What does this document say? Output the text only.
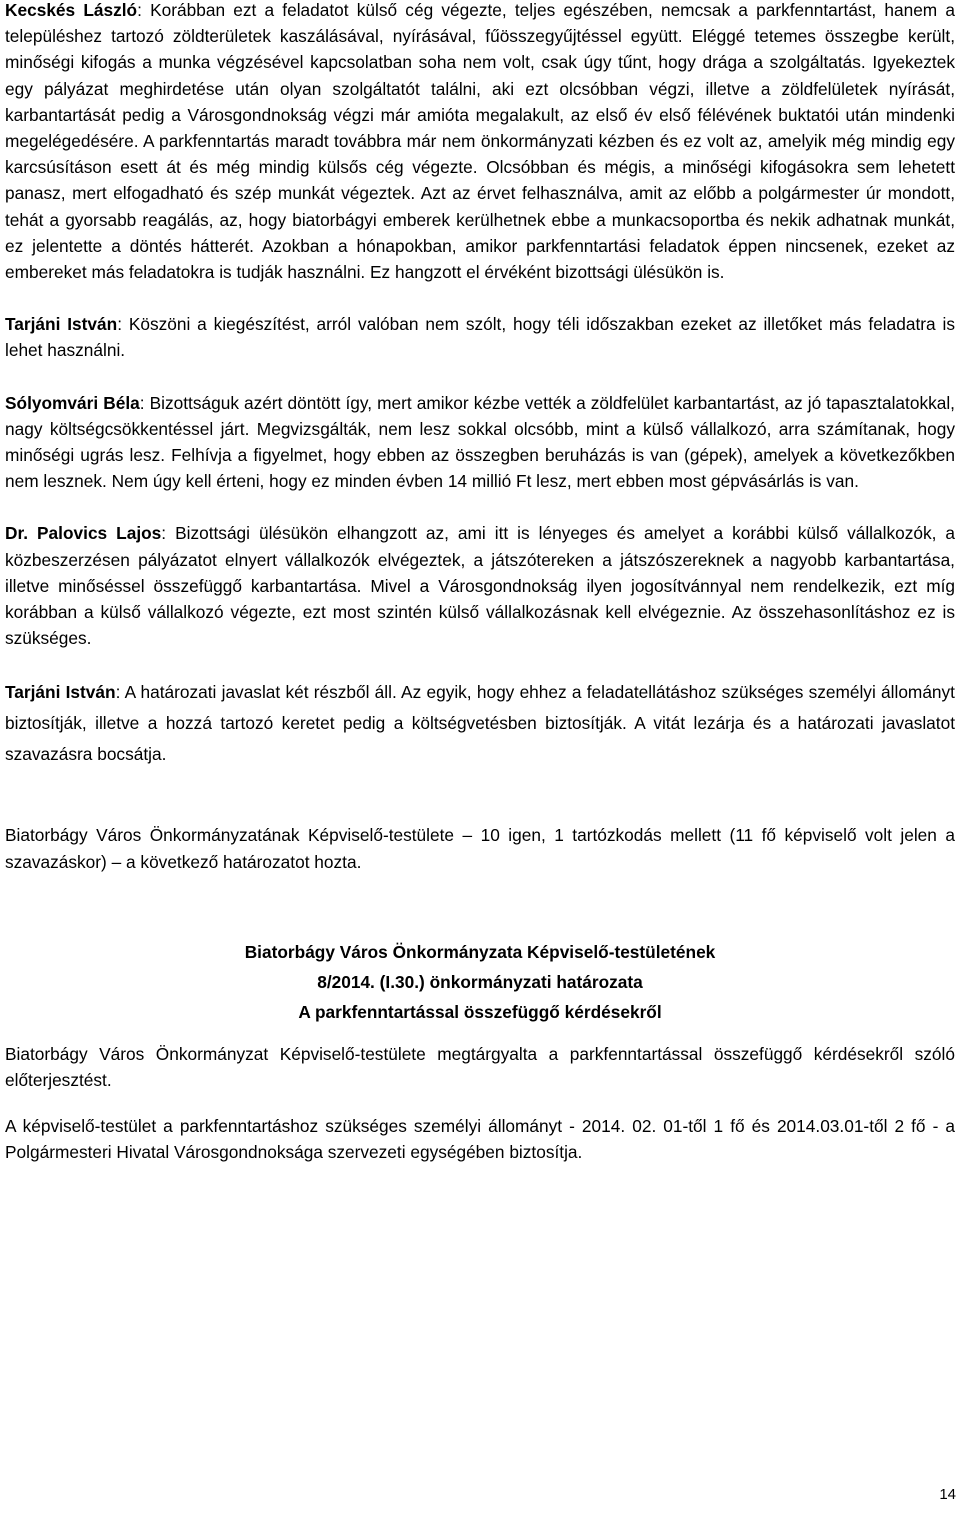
Kecskés László: Korábban ezt a feladatot külső cég végezte, teljes egészében, nemcsak a parkfenntartást, hanem a településhez tartozó zöldterületek kaszálásával, nyírásával, fűösszegyűjtéssel együtt. Eléggé tetemes összegbe került, minőségi kifogás a munka végzésével kapcsolatban soha nem volt, csak úgy tűnt, hogy drága a szolgáltatás. Igyekeztek egy pályázat meghirdetése után olyan szolgáltatót találni, aki ezt olcsóbban végzi, illetve a zöldfelületek nyírását, karbantartását pedig a Városgondnokság végzi már amióta megalakult, az első év első félévének buktatói után mindenki megelégedésére. A parkfenntartás maradt továbbra már nem önkormányzati kézben és ez volt az, amelyik még mindig egy karcsúsításon esett át és még mindig külsős cég végezte. Olcsóbban és mégis, a minőségi kifogásokra sem lehetett panasz, mert elfogadható és szép munkát végeztek. Azt az érvet felhasználva, amit az előbb a polgármester úr mondott, tehát a gyorsabb reagálás, az, hogy biatorbágyi emberek kerülhetnek ebbe a munkacsoportba és nekik adhatnak munkát, ez jelentette a döntés hátterét. Azokban a hónapokban, amikor parkfenntartási feladatok éppen nincsenek, ezeket az embereket más feladatokra is tudják használni. Ez hangzott el érvéként bizottsági ülésükön is.

Tarjáni István: Köszöni a kiegészítést, arról valóban nem szólt, hogy téli időszakban ezeket az illetőket más feladatra is lehet használni.

Sólyomvári Béla: Bizottságuk azért döntött így, mert amikor kézbe vették a zöldfelület karbantartást, az jó tapasztalatokkal, nagy költségcsökkentéssel járt. Megvizsgálták, nem lesz sokkal olcsóbb, mint a külső vállalkozó, arra számítanak, hogy minőségi ugrás lesz. Felhívja a figyelmet, hogy ebben az összegben beruházás is van (gépek), amelyek a következőkben nem lesznek. Nem úgy kell érteni, hogy ez minden évben 14 millió Ft lesz, mert ebben most gépvásárlás is van.

Dr. Palovics Lajos: Bizottsági ülésükön elhangzott az, ami itt is lényeges és amelyet a korábbi külső vállalkozók, a közbeszerzésen pályázatot elnyert vállalkozók elvégeztek, a játszótereken a játszószereknek a nagyobb karbantartása, illetve minőséssel összefüggő karbantartása. Mivel a Városgondnokság ilyen jogosítvánnyal nem rendelkezik, ezt míg korábban a külső vállalkozó végezte, ezt most szintén külső vállalkozásnak kell elvégeznie. Az összehasonlításhoz ez is szükséges.

Tarjáni István: A határozati javaslat két részből áll. Az egyik, hogy ehhez a feladatellátáshoz szükséges személyi állományt biztosítják, illetve a hozzá tartozó keretet pedig a költségvetésben biztosítják. A vitát lezárja és a határozati javaslatot szavazásra bocsátja.

Biatorbágy Város Önkormányzatának Képviselő-testülete – 10 igen, 1 tartózkodás mellett (11 fő képviselő volt jelen a szavazáskor) – a következő határozatot hozta.

Biatorbágy Város Önkormányzata Képviselő-testületének

8/2014. (I.30.) önkormányzati határozata

A parkfenntartással összefüggő kérdésekről

Biatorbágy Város Önkormányzat Képviselő-testülete megtárgyalta a parkfenntartással összefüggő kérdésekről szóló előterjesztést.

A képviselő-testület a parkfenntartáshoz szükséges személyi állományt - 2014. 02. 01-től 1 fő és 2014.03.01-től 2 fő - a Polgármesteri Hivatal Városgondnoksága szervezeti egységében biztosítja.

14
